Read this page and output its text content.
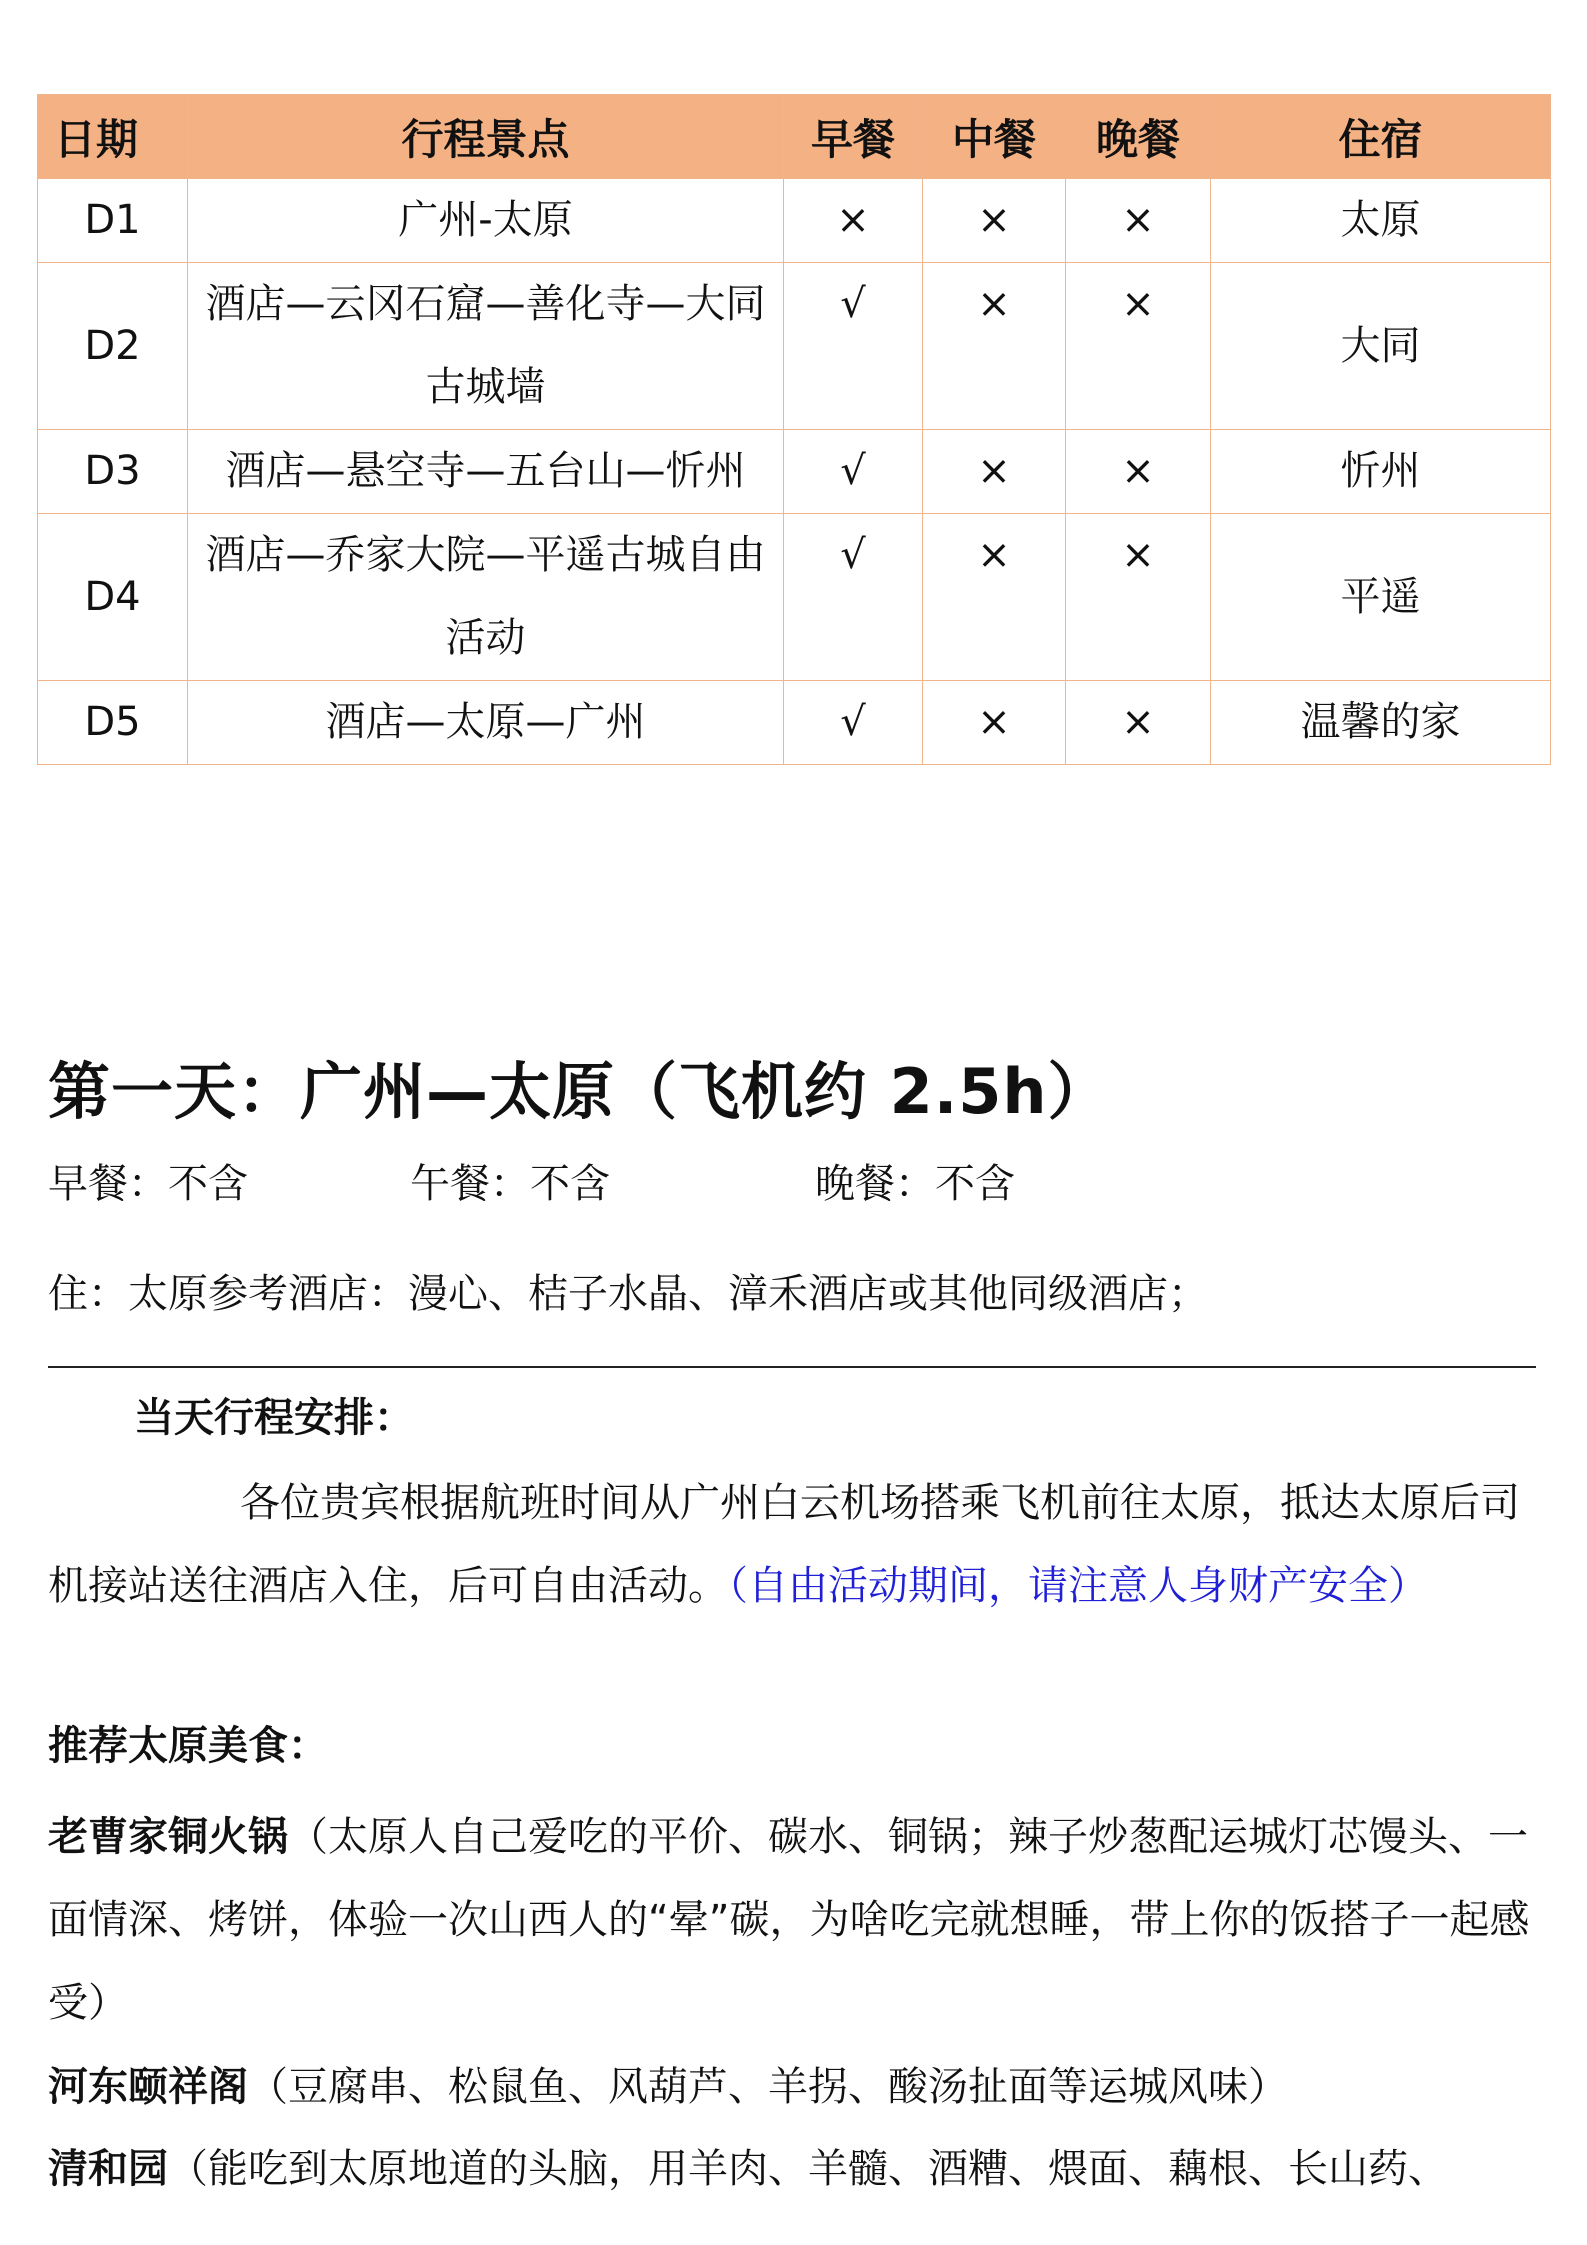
日期	行程景点	早餐	中餐	晚餐	住宿
D1	广州-太原	×	×	×	太原
D2	酒店—云冈石窟—善化寺—大同古城墙	√	×	×	大同
D3	酒店—悬空寺—五台山—忻州	√	×	×	忻州
D4	酒店—乔家大院—平遥古城自由活动	√	×	×	平遥
D5	酒店—太原—广州	√	×	×	温馨的家
第一天：广州—太原（飞机约 2.5h）
早餐：不含	午餐：不含	晚餐：不含
住：太原参考酒店：漫心、桔子水晶、漳禾酒店或其他同级酒店；
当天行程安排：

各位贵宾根据航班时间从广州白云机场搭乘飞机前往太原，抵达太原后司机接站送往酒店入住，后可自由活动。（自由活动期间，请注意人身财产安全）

推荐太原美食：

老曹家铜火锅（太原人自己爱吃的平价、碳水、铜锅；辣子炒葱配运城灯芯馒头、一面情深、烤饼，体验一次山西人的“晕”碳，为啥吃完就想睡，带上你的饭搭子一起感受）

河东颐祥阁（豆腐串、松鼠鱼、风葫芦、羊拐、酸汤扯面等运城风味）

清和园（能吃到太原地道的头脑，用羊肉、羊髓、酒糟、煨面、藕根、长山药、
